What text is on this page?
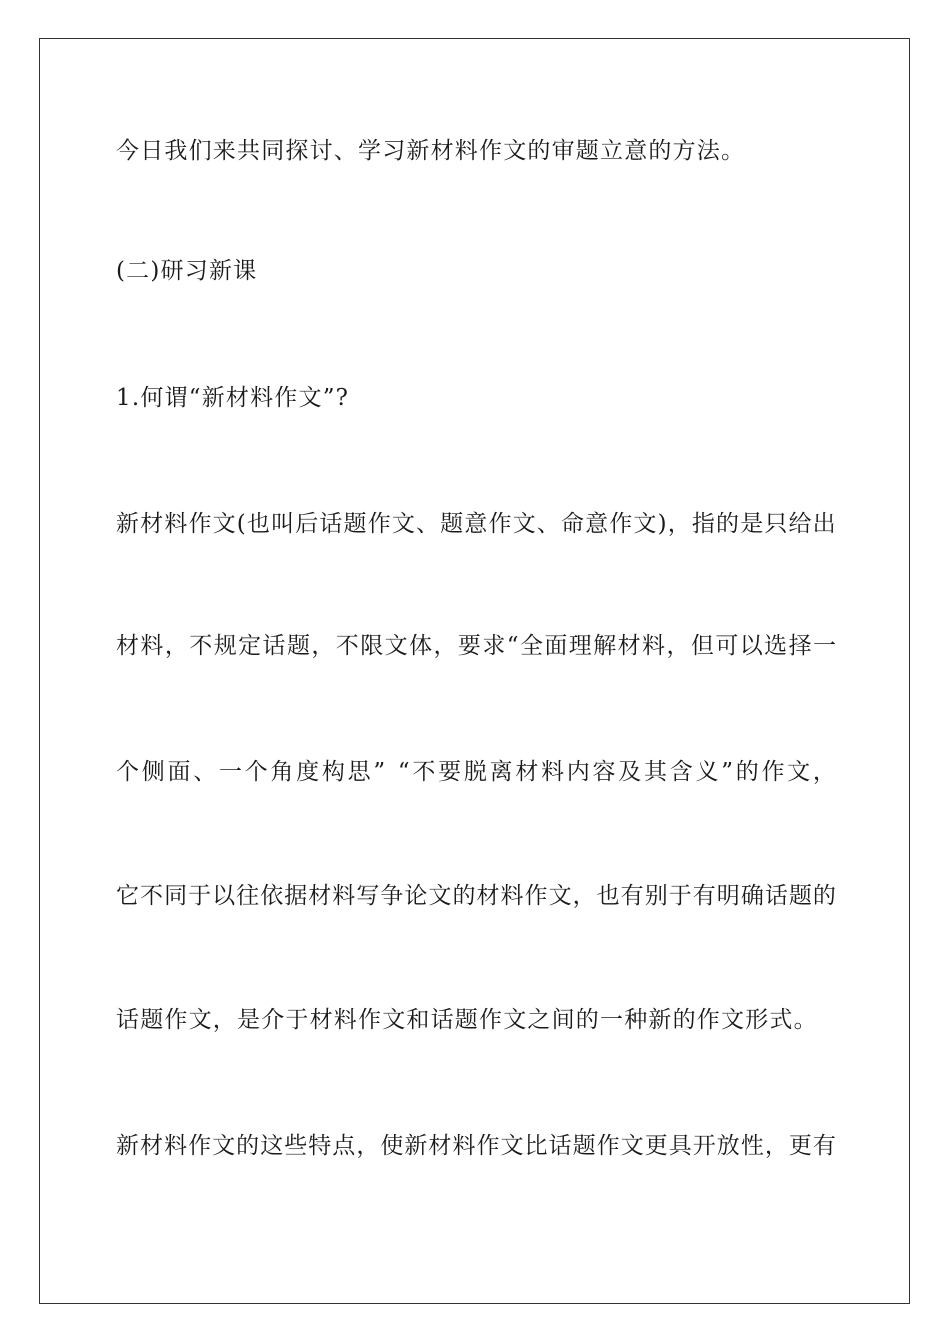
今日我们来共同探讨、学习新材料作文的审题立意的方法。

(二)研习新课

1.何谓“新材料作文”?

新 材 料 作 文 ( 也 叫 后 话 题 作 文 、 题 意 作 文 、 命 意 作 文 ) ， 指 的 是 只 给 出

材 料 ， 不 规 定 话 题 ， 不 限 文 体 ， 要 求 “ 全 面 理 解 材 料 ， 但 可 以 选 择 一

个 侧 面 、 一 个 角 度 构 思 ”
“ 不 要 脱 离 材 料 内 容 及 其 含 义 ” 的 作 文 ，

它 不 同 于 以 往 依 据 材 料 写 争 论 文 的 材 料 作 文 ， 也 有 别 于 有 明 确 话 题 的

话题作文，是介于材料作文和话题作文之间的一种新的作文形式。

新 材 料 作 文 的 这 些 特 点 ， 使 新 材 料 作 文 比 话 题 作 文 更 具 开 放 性 ， 更 有
